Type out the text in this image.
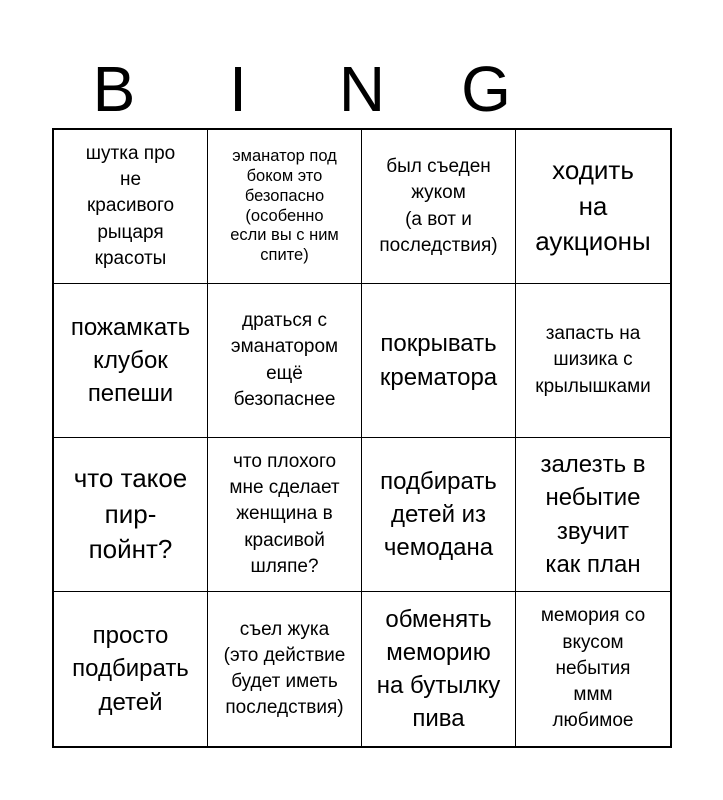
B	I	N	G
шутка про
не
красивого
рыцаря
красоты
эманатор под
боком это
безопасно
(особенно
если вы с ним
спите)
был съеден
жуком
(а вот и
последствия)
ходить
на
аукционы
пожамкать
клубок
пепеши
драться с
эманатором
ещё
безопаснее
покрывать
крематора
запасть на
шизика с
крылышками
что такое
пир-
пойнт?
что плохого
мне сделает
женщина в
красивой
шляпе?
подбирать
детей из
чемодана
залезть в
небытие
звучит
как план
просто
подбирать
детей
съел жука
(это действие
будет иметь
последствия)
обменять
меморию
на бутылку
пива
мемория со
вкусом
небытия
ммм
любимое
